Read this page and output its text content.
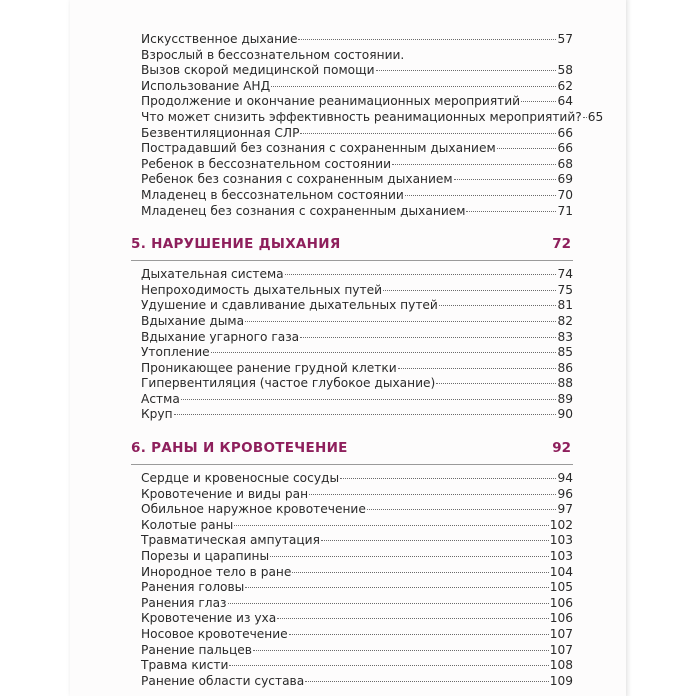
Искусственное дыхание	57
Взрослый в бессознательном состоянии.
Вызов скорой медицинской помощи	58
Использование АНД	62
Продолжение и окончание реанимационных мероприятий	64
Что может снизить эффективность реанимационных мероприятий? 65
Безвентиляционная СЛР	66
Пострадавший без сознания с сохраненным дыханием	66
Ребенок в бессознательном состоянии	68
Ребенок без сознания с сохраненным дыханием	69
Младенец в бессознательном состоянии	70
Младенец без сознания с сохраненным дыханием	71
5. НАРУШЕНИЕ ДЫХАНИЯ	72
Дыхательная система	74
Непроходимость дыхательных путей	75
Удушение и сдавливание дыхательных путей	81
Вдыхание дыма	82
Вдыхание угарного газа	83
Утопление	85
Проникающее ранение грудной клетки	86
Гипервентиляция (частое глубокое дыхание)	88
Астма	89
Круп	90
6. РАНЫ И КРОВОТЕЧЕНИЕ	92
Сердце и кровеносные сосуды	94
Кровотечение и виды ран	96
Обильное наружное кровотечение	97
Колотые раны	102
Травматическая ампутация	103
Порезы и царапины	103
Инородное тело в ране	104
Ранения головы	105
Ранения глаз	106
Кровотечение из уха	106
Носовое кровотечение	107
Ранение пальцев	107
Травма кисти	108
Ранение области сустава	109
